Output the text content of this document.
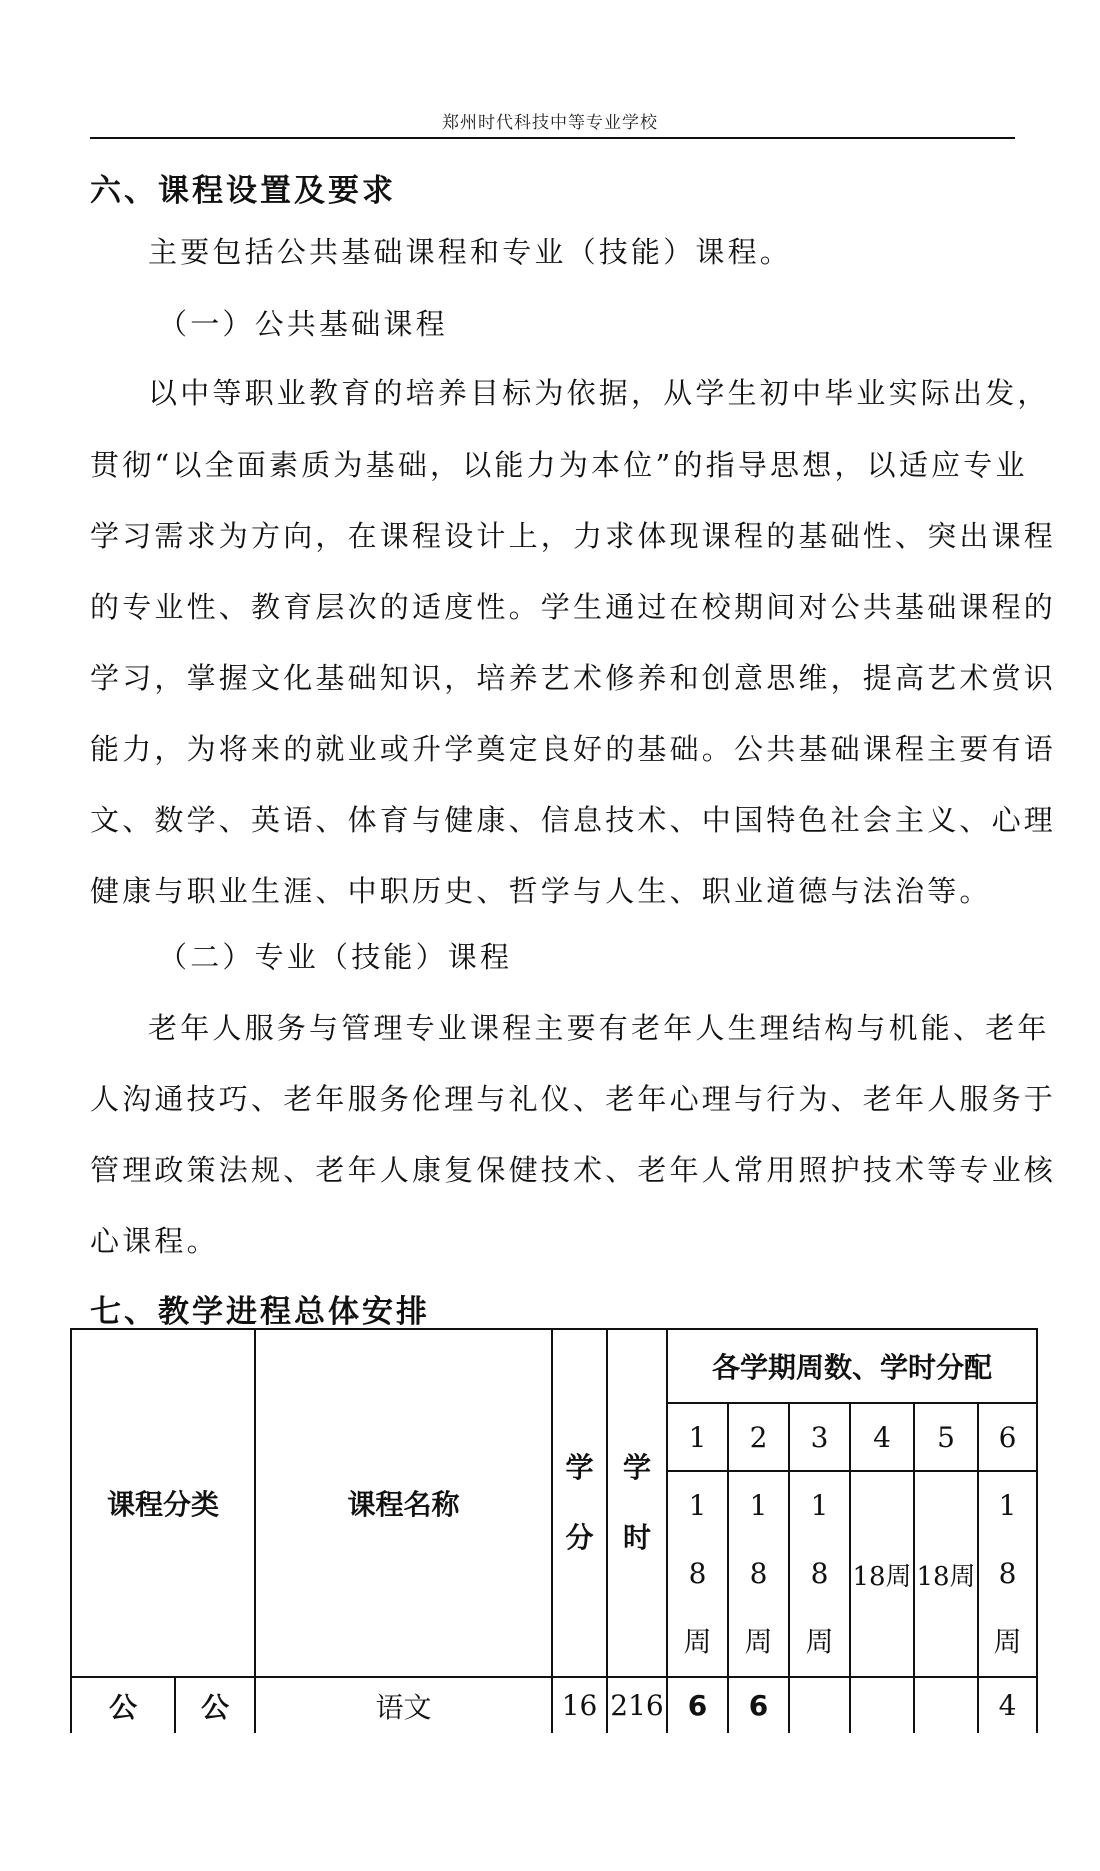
郑州时代科技中等专业学校
六、课程设置及要求
主要包括公共基础课程和专业（技能）课程。
（一）公共基础课程
以中等职业教育的培养目标为依据，从学生初中毕业实际出发，
贯彻“以全面素质为基础，以能力为本位”的指导思想，以适应专业
学习需求为方向，在课程设计上，力求体现课程的基础性、突出课程
的专业性、教育层次的适度性。学生通过在校期间对公共基础课程的
学习，掌握文化基础知识，培养艺术修养和创意思维，提高艺术赏识
能力，为将来的就业或升学奠定良好的基础。公共基础课程主要有语
文、数学、英语、体育与健康、信息技术、中国特色社会主义、心理
健康与职业生涯、中职历史、哲学与人生、职业道德与法治等。
（二）专业（技能）课程
老年人服务与管理专业课程主要有老年人生理结构与机能、老年
人沟通技巧、老年服务伦理与礼仪、老年心理与行为、老年人服务于
管理政策法规、老年人康复保健技术、老年人常用照护技术等专业核
心课程。
七、教学进程总体安排
课程分类		课程名称	学分	学时	各学期周数、学时分配					
					1	2	3	4	5	6
					18周	18周	18周	18周	18周	18周
公	公	语文	16	216	6	6				4
